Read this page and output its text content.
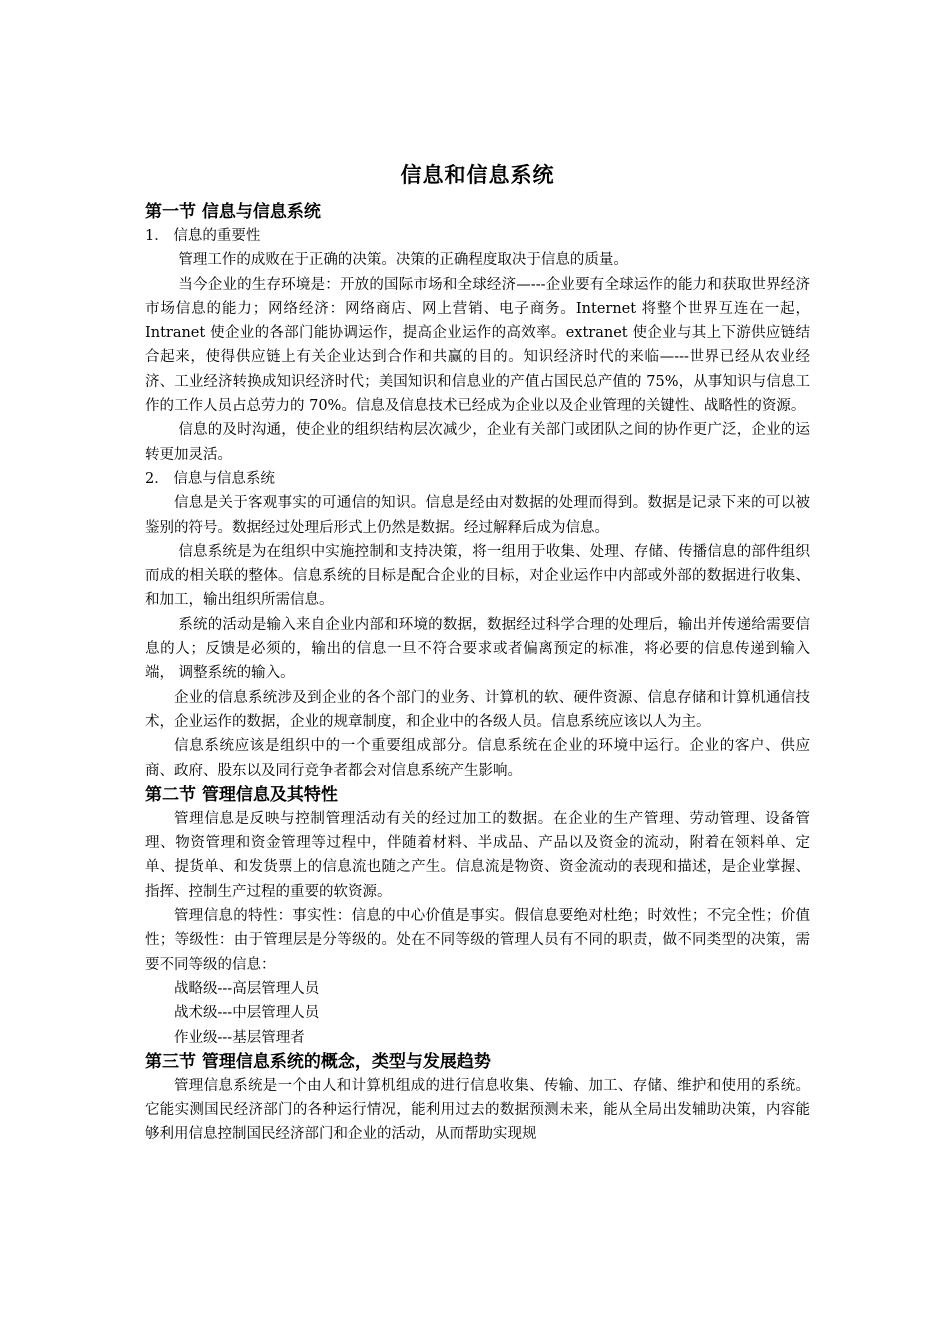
信息和信息系统
第一节 信息与信息系统

1． 信息的重要性

管理工作的成败在于正确的决策。决策的正确程度取决于信息的质量。

当今企业的生存环境是：开放的国际市场和全球经济—---企业要有全球运作的能力和获取世界经济市场信息的能力；网络经济：网络商店、网上营销、电子商务。Internet 将整个世界互连在一起，Intranet 使企业的各部门能协调运作，提高企业运作的高效率。extranet 使企业与其上下游供应链结合起来，使得供应链上有关企业达到合作和共赢的目的。知识经济时代的来临—---世界已经从农业经济、工业经济转换成知识经济时代；美国知识和信息业的产值占国民总产值的 75%，从事知识与信息工作的工作人员占总劳力的 70%。信息及信息技术已经成为企业以及企业管理的关键性、战略性的资源。

信息的及时沟通，使企业的组织结构层次减少，企业有关部门或团队之间的协作更广泛，企业的运转更加灵活。

2． 信息与信息系统

信息是关于客观事实的可通信的知识。信息是经由对数据的处理而得到。数据是记录下来的可以被鉴别的符号。数据经过处理后形式上仍然是数据。经过解释后成为信息。

信息系统是为在组织中实施控制和支持决策，将一组用于收集、处理、存储、传播信息的部件组织而成的相关联的整体。信息系统的目标是配合企业的目标，对企业运作中内部或外部的数据进行收集、和加工，输出组织所需信息。

系统的活动是输入来自企业内部和环境的数据，数据经过科学合理的处理后，输出并传递给需要信息的人；反馈是必须的，输出的信息一旦不符合要求或者偏离预定的标准，将必要的信息传递到输入端， 调整系统的输入。

企业的信息系统涉及到企业的各个部门的业务、计算机的软、硬件资源、信息存储和计算机通信技术，企业运作的数据，企业的规章制度，和企业中的各级人员。信息系统应该以人为主。

信息系统应该是组织中的一个重要组成部分。信息系统在企业的环境中运行。企业的客户、供应商、政府、股东以及同行竞争者都会对信息系统产生影响。

第二节 管理信息及其特性

管理信息是反映与控制管理活动有关的经过加工的数据。在企业的生产管理、劳动管理、设备管理、物资管理和资金管理等过程中，伴随着材料、半成品、产品以及资金的流动，附着在领料单、定单、提货单、和发货票上的信息流也随之产生。信息流是物资、资金流动的表现和描述，是企业掌握、指挥、控制生产过程的重要的软资源。

管理信息的特性：事实性：信息的中心价值是事实。假信息要绝对杜绝；时效性；不完全性；价值性；等级性：由于管理层是分等级的。处在不同等级的管理人员有不同的职责，做不同类型的决策，需要不同等级的信息：

战略级---高层管理人员

战术级---中层管理人员

作业级---基层管理者

第三节 管理信息系统的概念，类型与发展趋势

管理信息系统是一个由人和计算机组成的进行信息收集、传输、加工、存储、维护和使用的系统。它能实测国民经济部门的各种运行情况，能利用过去的数据预测未来，能从全局出发辅助决策，内容能够利用信息控制国民经济部门和企业的活动，从而帮助实现规
